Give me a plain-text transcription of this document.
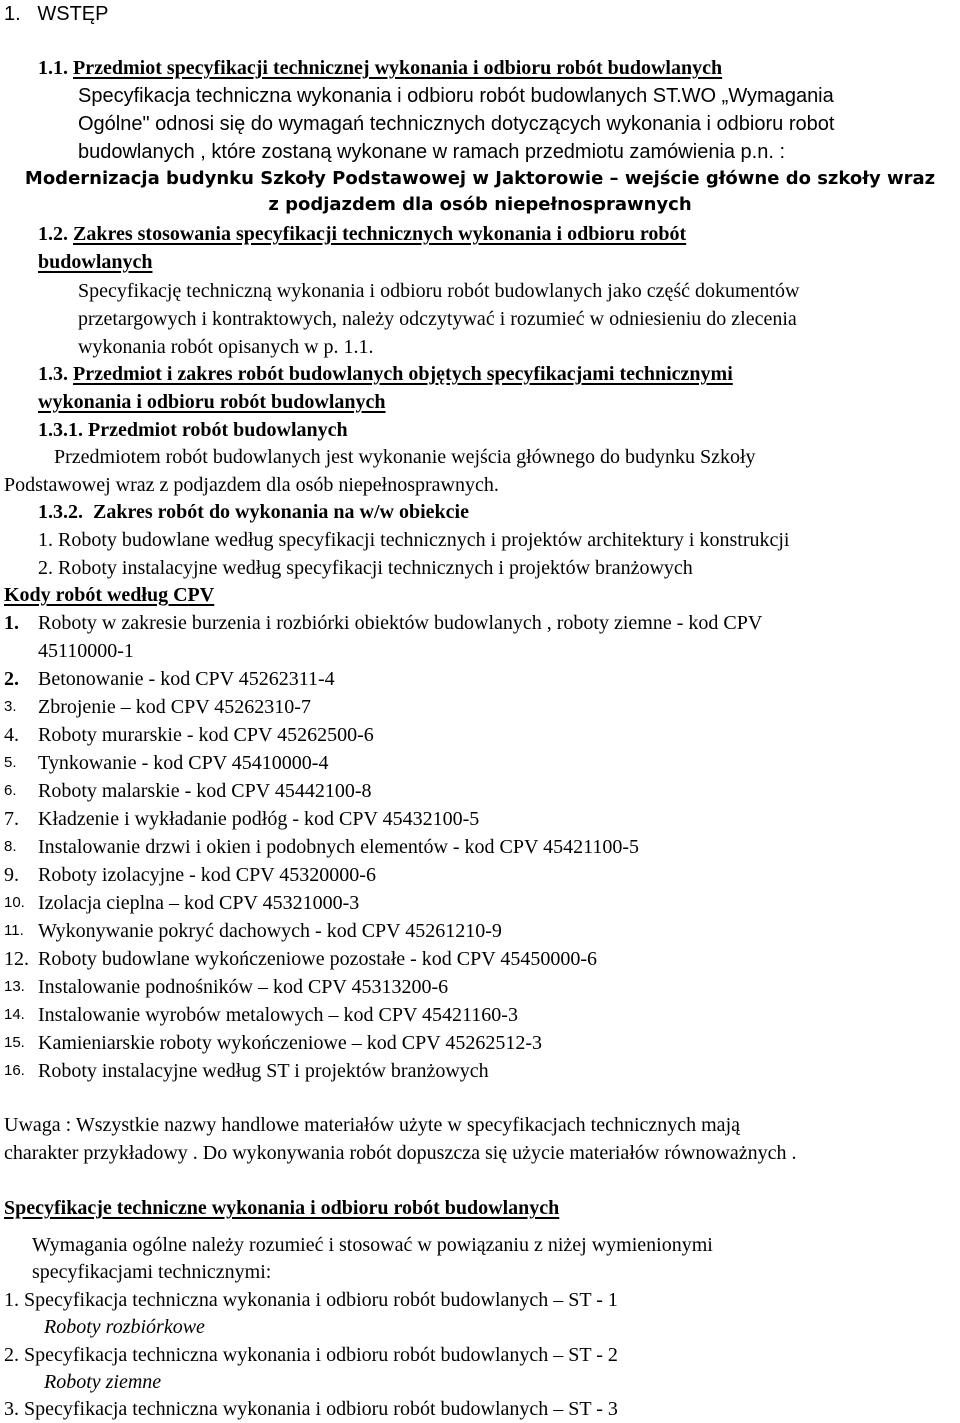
1. WSTĘP
1.1. Przedmiot specyfikacji technicznej wykonania i odbioru robót budowlanych
Specyfikacja techniczna wykonania i odbioru robót budowlanych ST.WO „Wymagania
Ogólne" odnosi się do wymagań technicznych dotyczących wykonania i odbioru robot
budowlanych , które zostaną wykonane w ramach przedmiotu zamówienia p.n. :
Modernizacja budynku Szkoły Podstawowej w Jaktorowie – wejście główne do szkoły wraz
z podjazdem dla osób niepełnosprawnych
1.2. Zakres stosowania specyfikacji technicznych wykonania i odbioru robót
budowlanych
Specyfikację techniczną wykonania i odbioru robót budowlanych jako część dokumentów
przetargowych i kontraktowych, należy odczytywać i rozumieć w odniesieniu do zlecenia
wykonania robót opisanych w p. 1.1.
1.3. Przedmiot i zakres robót budowlanych objętych specyfikacjami technicznymi
wykonania i odbioru robót budowlanych
1.3.1. Przedmiot robót budowlanych
Przedmiotem robót budowlanych jest wykonanie wejścia głównego do budynku Szkoły
Podstawowej wraz z podjazdem dla osób niepełnosprawnych.
1.3.2. Zakres robót do wykonania na w/w obiekcie
1. Roboty budowlane według specyfikacji technicznych i projektów architektury i konstrukcji
2. Roboty instalacyjne według specyfikacji technicznych i projektów branżowych
Kody robót według CPV
1. Roboty w zakresie burzenia i rozbiórki obiektów budowlanych , roboty ziemne - kod CPV
45110000-1
2. Betonowanie - kod CPV 45262311-4
3. Zbrojenie – kod CPV 45262310-7
4. Roboty murarskie - kod CPV 45262500-6
5. Tynkowanie - kod CPV 45410000-4
6. Roboty malarskie - kod CPV 45442100-8
7. Kładzenie i wykładanie podłóg - kod CPV 45432100-5
8. Instalowanie drzwi i okien i podobnych elementów - kod CPV 45421100-5
9. Roboty izolacyjne - kod CPV 45320000-6
10. Izolacja cieplna – kod CPV 45321000-3
11. Wykonywanie pokryć dachowych - kod CPV 45261210-9
12. Roboty budowlane wykończeniowe pozostałe - kod CPV 45450000-6
13. Instalowanie podnośników – kod CPV 45313200-6
14. Instalowanie wyrobów metalowych – kod CPV 45421160-3
15. Kamieniarskie roboty wykończeniowe – kod CPV 45262512-3
16. Roboty instalacyjne według ST i projektów branżowych
Uwaga : Wszystkie nazwy handlowe materiałów użyte w specyfikacjach technicznych mają
charakter przykładowy . Do wykonywania robót dopuszcza się użycie materiałów równoważnych .
Specyfikacje techniczne wykonania i odbioru robót budowlanych
Wymagania ogólne należy rozumieć i stosować w powiązaniu z niżej wymienionymi
specyfikacjami technicznymi:
1. Specyfikacja techniczna wykonania i odbioru robót budowlanych – ST - 1
Roboty rozbiórkowe
2. Specyfikacja techniczna wykonania i odbioru robót budowlanych – ST - 2
Roboty ziemne
3. Specyfikacja techniczna wykonania i odbioru robót budowlanych – ST - 3
